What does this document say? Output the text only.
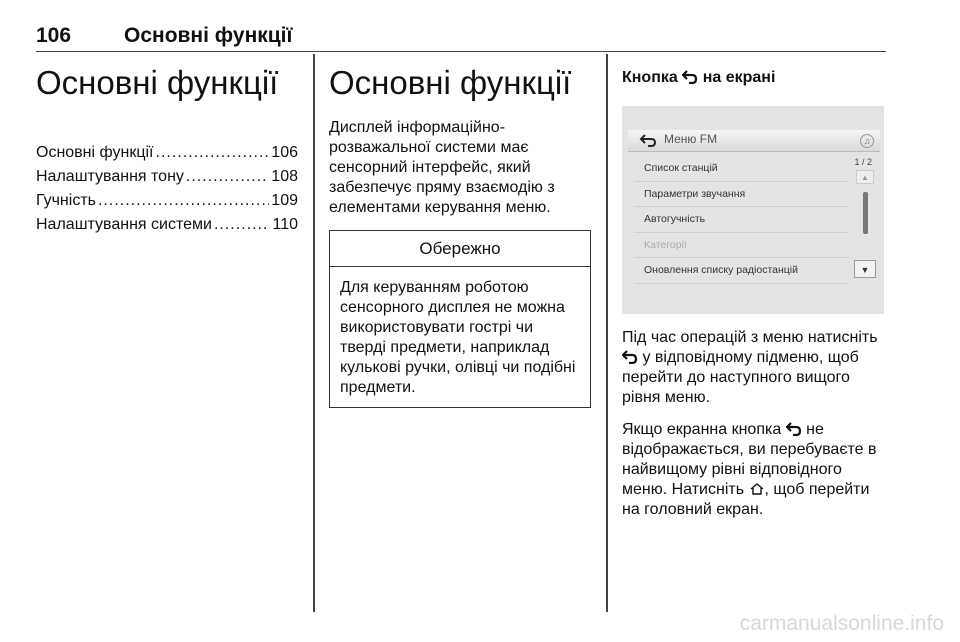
106	Основні функції
Основні функції
Основні функції .....	106
Налаштування тону .....	108
Гучність .....	109
Налаштування системи .....	110
Основні функції

Дисплей інформаційно-розважальної системи має сенсорний інтерфейс, який забезпечує пряму взаємодію з елементами керування меню.

Обережно

Для керуванням роботою сенсорного дисплея не можна використовувати гострі чи тверді предмети, наприклад кулькові ручки, олівці чи подібні предмети.

Кнопка на екрані
Меню FM	♫
Список станцій
Параметри звучання
Автогучність
Категорії
Оновлення списку радіостанцій
1 / 2
▲
▼

Під час операцій з меню натисніть  у відповідному підменю, щоб перейти до наступного вищого рівня меню.

Якщо екранна кнопка не відображається, ви перебуваєте в найвищому рівні відповідного меню. Натисніть , щоб перейти на головний екран.

carmanualsonline.info
